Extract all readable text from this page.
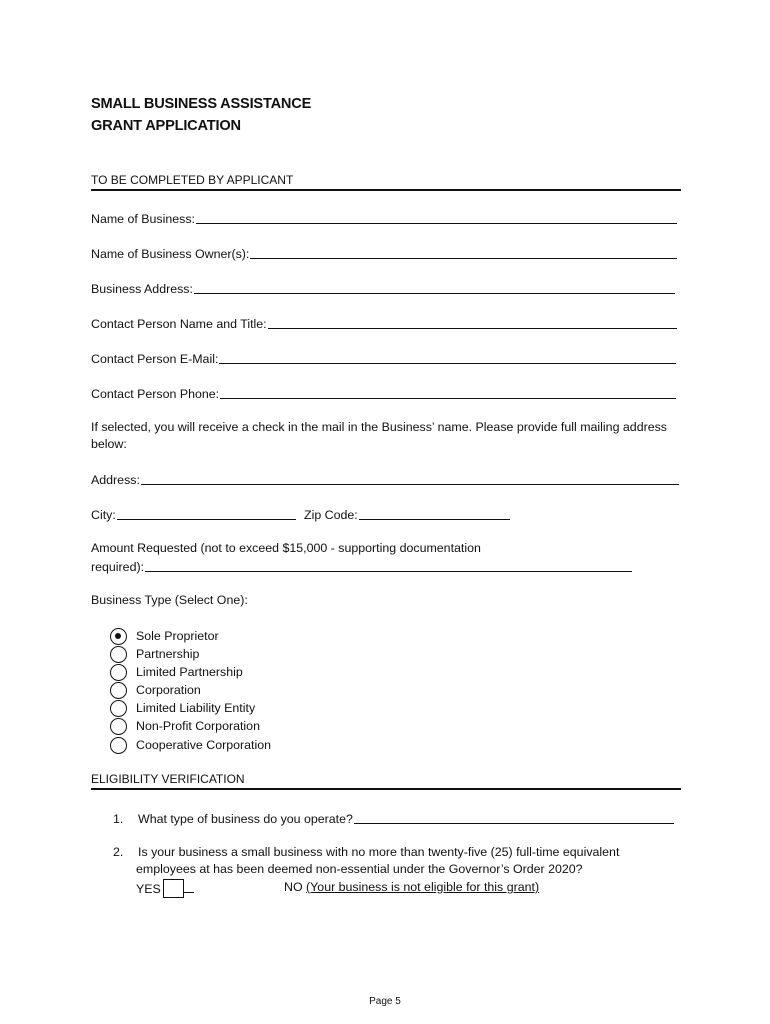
SMALL BUSINESS ASSISTANCE
GRANT APPLICATION
TO BE COMPLETED BY APPLICANT
Name of Business:
Name of Business Owner(s):
Business Address:
Contact Person Name and Title:
Contact Person E-Mail:
Contact Person Phone:
If selected, you will receive a check in the mail in the Business’ name. Please provide full mailing address below:
Address:
City:	Zip Code:
Amount Requested (not to exceed $15,000 - supporting documentation
required):
Business Type (Select One):
Sole Proprietor
Partnership
Limited Partnership
Corporation
Limited Liability Entity
Non-Profit Corporation
Cooperative Corporation
ELIGIBILITY VERIFICATION
1.	What type of business do you operate?
2. Is your business a small business with no more than twenty-five (25) full-time equivalent
employees at has been deemed non-essential under the Governor’s Order 2020?
YES	NO (Your business is not eligible for this grant)
Page 5
